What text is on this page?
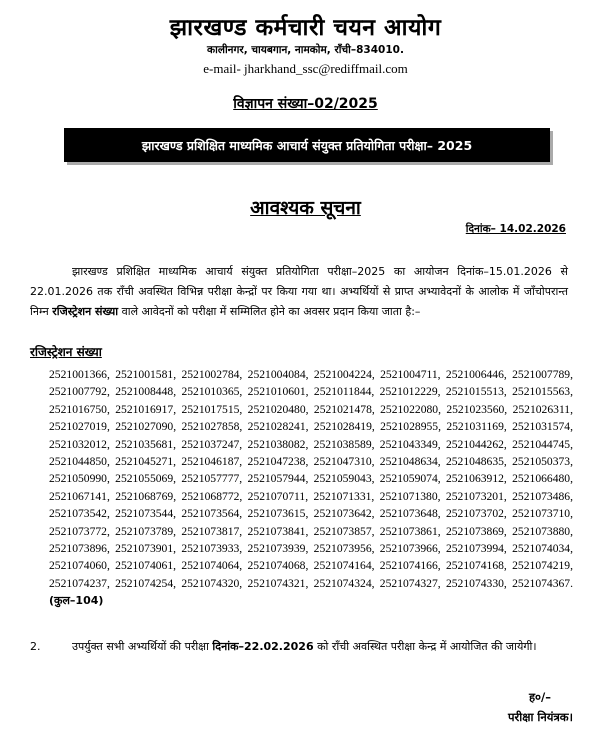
झारखण्ड कर्मचारी चयन आयोग
कालीनगर, चायबगान, नामकोम, राँची–834010.
e-mail- jharkhand_ssc@rediffmail.com
विज्ञापन संख्या–02/2025
झारखण्ड प्रशिक्षित माध्यमिक आचार्य संयुक्त प्रतियोगिता परीक्षा– 2025
आवश्यक सूचना
दिनांक– 14.02.2026
झारखण्ड प्रशिक्षित माध्यमिक आचार्य संयुक्त प्रतियोगिता परीक्षा–2025 का आयोजन दिनांक–15.01.2026 से 22.01.2026 तक राँची अवस्थित विभिन्न परीक्षा केन्द्रों पर किया गया था। अभ्यर्थियों से प्राप्त अभ्यावेदनों के आलोक में जाँचोपरान्त निम्न रजिस्ट्रेशन संख्या वाले आवेदनों को परीक्षा में सम्मिलित होने का अवसर प्रदान किया जाता है:–
रजिस्ट्रेशन संख्या
2521001366, 2521001581, 2521002784, 2521004084, 2521004224, 2521004711, 2521006446, 2521007789, 2521007792, 2521008448, 2521010365, 2521010601, 2521011844, 2521012229, 2521015513, 2521015563, 2521016750, 2521016917, 2521017515, 2521020480, 2521021478, 2521022080, 2521023560, 2521026311, 2521027019, 2521027090, 2521027858, 2521028241, 2521028419, 2521028955, 2521031169, 2521031574, 2521032012, 2521035681, 2521037247, 2521038082, 2521038589, 2521043349, 2521044262, 2521044745, 2521044850, 2521045271, 2521046187, 2521047238, 2521047310, 2521048634, 2521048635, 2521050373, 2521050990, 2521055069, 2521057777, 2521057944, 2521059043, 2521059074, 2521063912, 2521066480, 2521067141, 2521068769, 2521068772, 2521070711, 2521071331, 2521071380, 2521073201, 2521073486, 2521073542, 2521073544, 2521073564, 2521073615, 2521073642, 2521073648, 2521073702, 2521073710, 2521073772, 2521073789, 2521073817, 2521073841, 2521073857, 2521073861, 2521073869, 2521073880, 2521073896, 2521073901, 2521073933, 2521073939, 2521073956, 2521073966, 2521073994, 2521074034, 2521074060, 2521074061, 2521074064, 2521074068, 2521074164, 2521074166, 2521074168, 2521074219, 2521074237, 2521074254, 2521074320, 2521074321, 2521074324, 2521074327, 2521074330, 2521074367. (कुल–104)
2.	उपर्युक्त सभी अभ्यर्थियों की परीक्षा दिनांक–22.02.2026 को राँची अवस्थित परीक्षा केन्द्र में आयोजित की जायेगी।
ह०/–
परीक्षा नियंत्रक।
